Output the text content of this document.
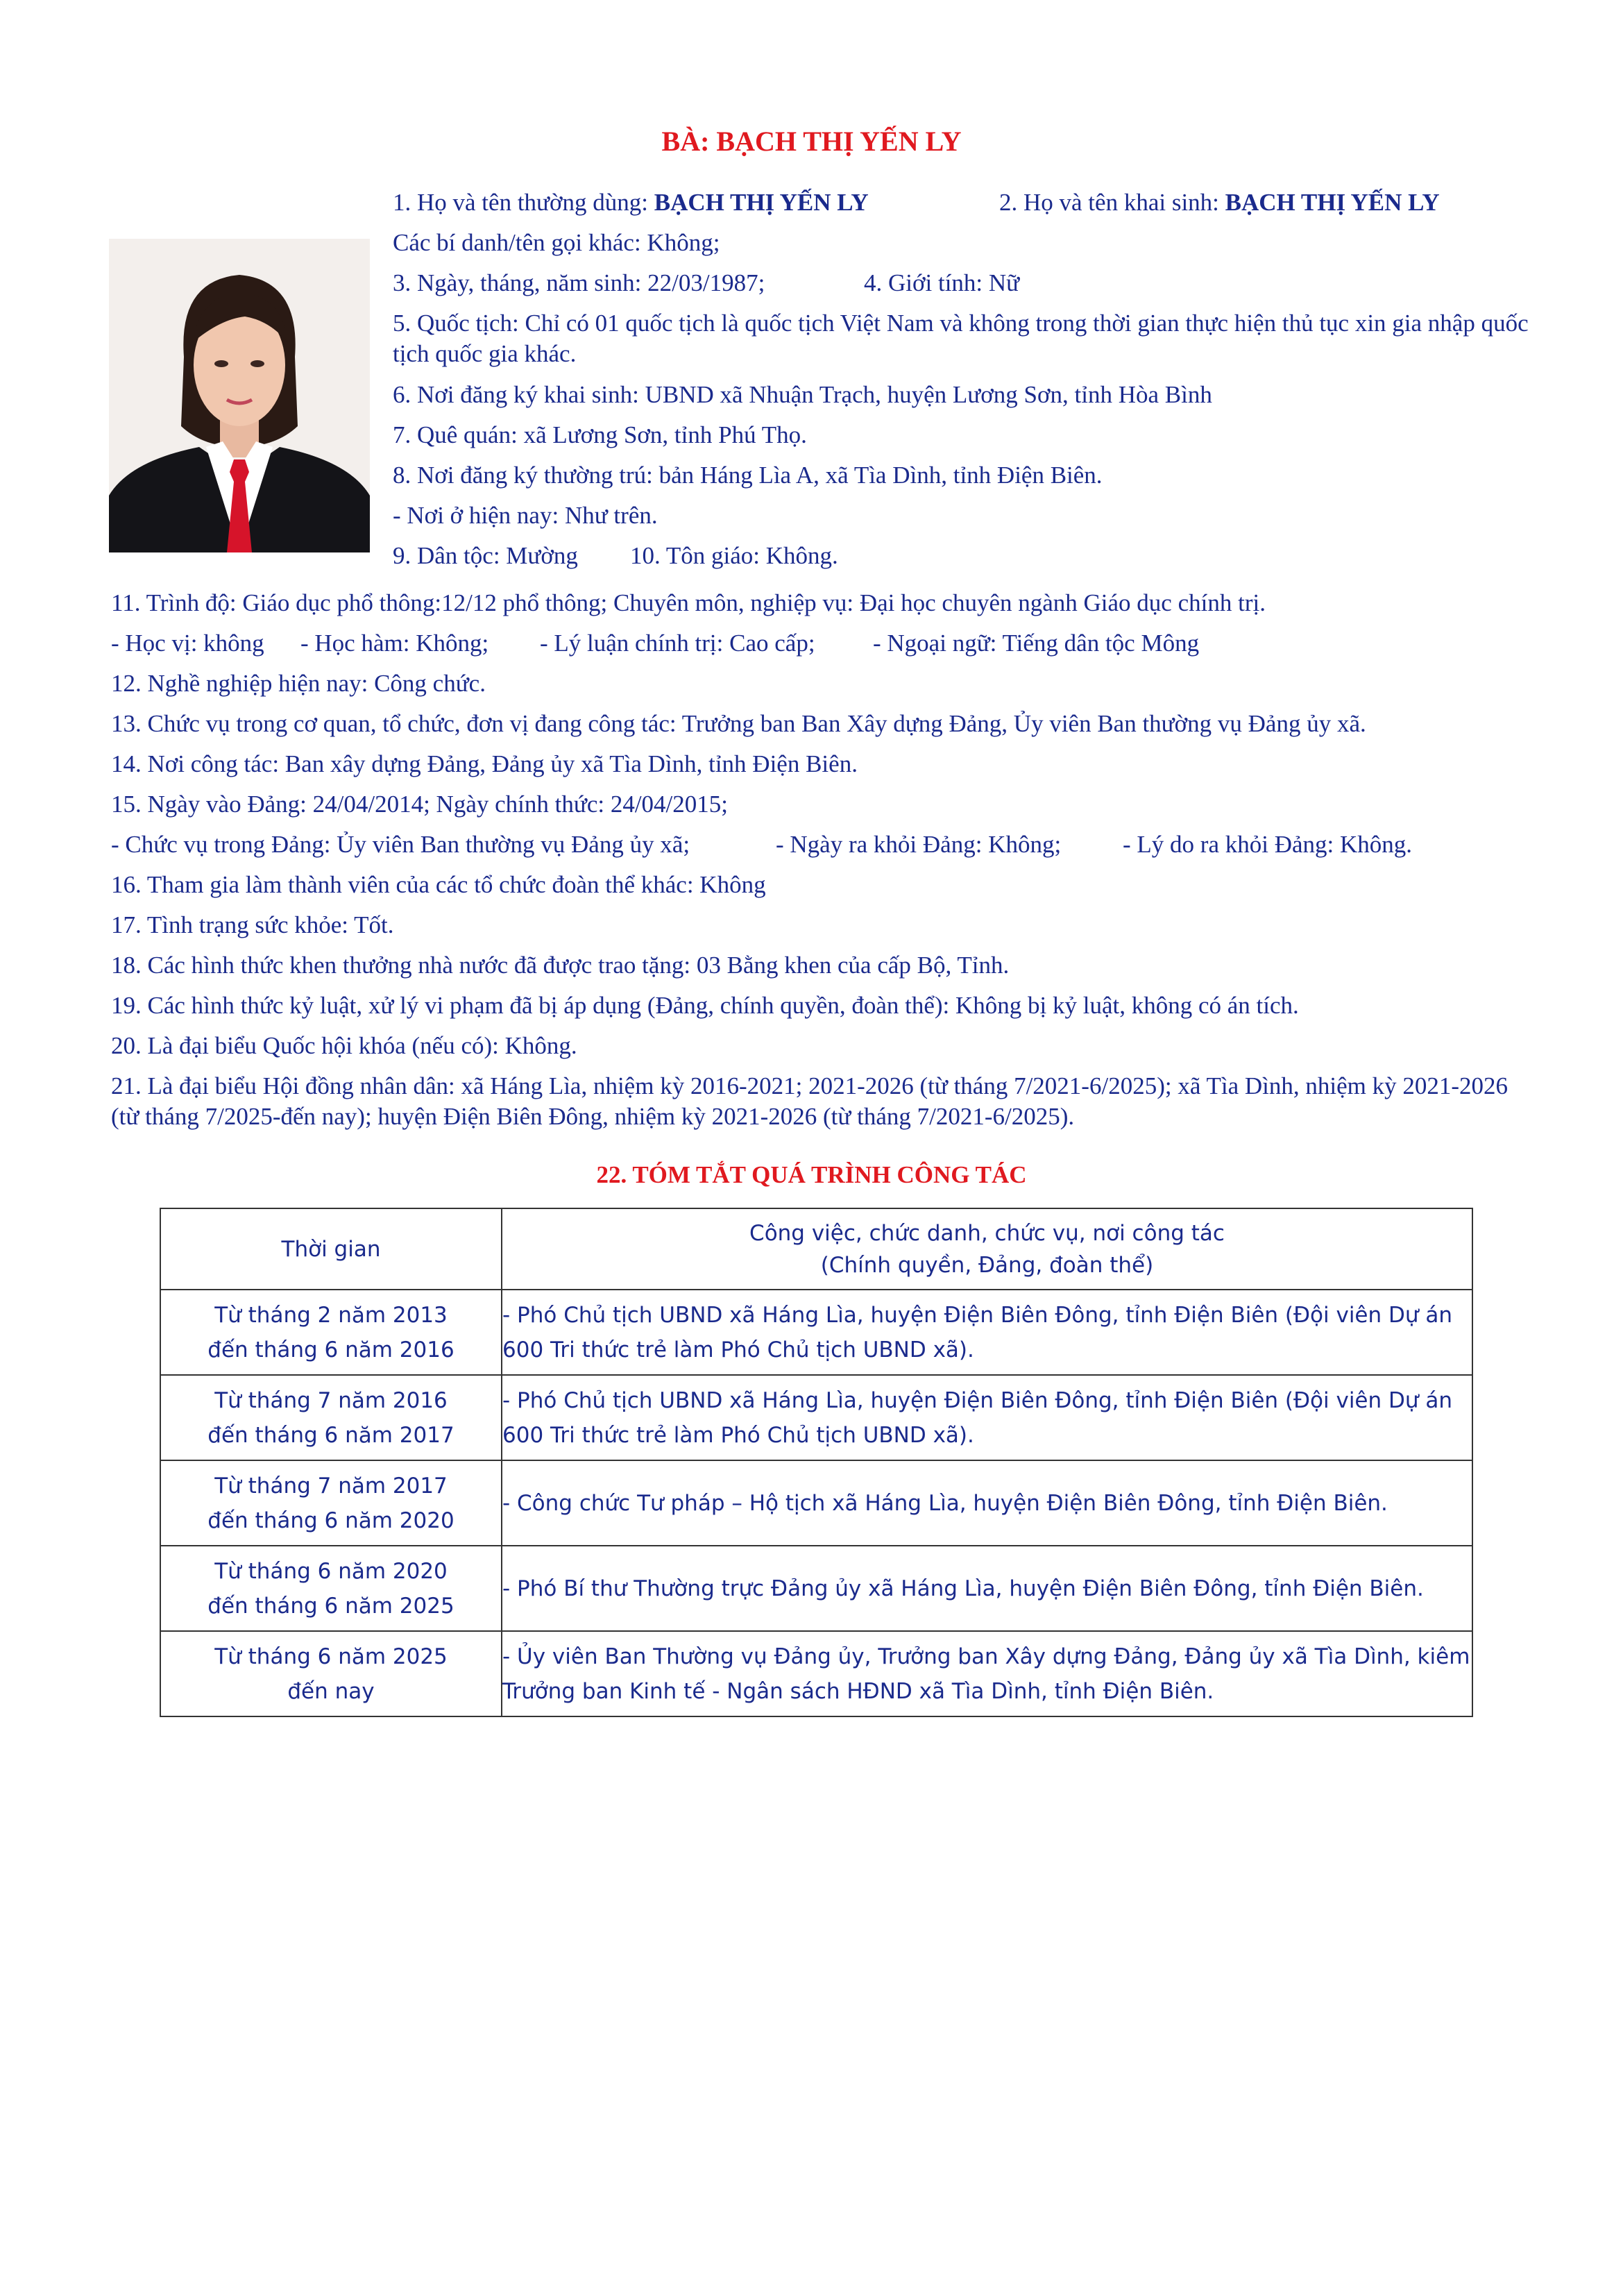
BÀ: BẠCH THỊ YẾN LY
1. Họ và tên thường dùng: BẠCH THỊ YẾN LY	2. Họ và tên khai sinh: BẠCH THỊ YẾN LY
Các bí danh/tên gọi khác: Không;
3. Ngày, tháng, năm sinh: 22/03/1987;	4. Giới tính: Nữ
5. Quốc tịch: Chỉ có 01 quốc tịch là quốc tịch Việt Nam và không trong thời gian thực hiện thủ tục xin gia nhập quốc tịch quốc gia khác.
6. Nơi đăng ký khai sinh: UBND xã Nhuận Trạch, huyện Lương Sơn, tỉnh Hòa Bình
7. Quê quán: xã Lương Sơn, tỉnh Phú Thọ.
8. Nơi đăng ký thường trú: bản Háng Lìa A, xã Tìa Dình, tỉnh Điện Biên.
- Nơi ở hiện nay: Như trên.
9. Dân tộc: Mường 10. Tôn giáo: Không.
11. Trình độ: Giáo dục phổ thông:12/12 phổ thông; Chuyên môn, nghiệp vụ: Đại học chuyên ngành Giáo dục chính trị.
- Học vị: không - Học hàm: Không; - Lý luận chính trị: Cao cấp; - Ngoại ngữ: Tiếng dân tộc Mông
12. Nghề nghiệp hiện nay: Công chức.
13. Chức vụ trong cơ quan, tổ chức, đơn vị đang công tác: Trưởng ban Ban Xây dựng Đảng, Ủy viên Ban thường vụ Đảng ủy xã.
14. Nơi công tác: Ban xây dựng Đảng, Đảng ủy xã Tìa Dình, tỉnh Điện Biên.
15. Ngày vào Đảng: 24/04/2014; Ngày chính thức: 24/04/2015;
- Chức vụ trong Đảng: Ủy viên Ban thường vụ Đảng ủy xã;	- Ngày ra khỏi Đảng: Không;	- Lý do ra khỏi Đảng: Không.
16. Tham gia làm thành viên của các tổ chức đoàn thể khác: Không
17. Tình trạng sức khỏe: Tốt.
18. Các hình thức khen thưởng nhà nước đã được trao tặng: 03 Bằng khen của cấp Bộ, Tỉnh.
19. Các hình thức kỷ luật, xử lý vi phạm đã bị áp dụng (Đảng, chính quyền, đoàn thể): Không bị kỷ luật, không có án tích.
20. Là đại biểu Quốc hội khóa (nếu có): Không.
21. Là đại biểu Hội đồng nhân dân: xã Háng Lìa, nhiệm kỳ 2016-2021; 2021-2026 (từ tháng 7/2021-6/2025); xã Tìa Dình, nhiệm kỳ 2021-2026 (từ tháng 7/2025-đến nay); huyện Điện Biên Đông, nhiệm kỳ 2021-2026 (từ tháng 7/2021-6/2025).
22. TÓM TẮT QUÁ TRÌNH CÔNG TÁC
Thời gian	Công việc, chức danh, chức vụ, nơi công tác
(Chính quyền, Đảng, đoàn thể)

Từ tháng 2 năm 2013
đến tháng 6 năm 2016	- Phó Chủ tịch UBND xã Háng Lìa, huyện Điện Biên Đông, tỉnh Điện Biên (Đội viên Dự án 600 Tri thức trẻ làm Phó Chủ tịch UBND xã).

Từ tháng 7 năm 2016
đến tháng 6 năm 2017	- Phó Chủ tịch UBND xã Háng Lìa, huyện Điện Biên Đông, tỉnh Điện Biên (Đội viên Dự án 600 Tri thức trẻ làm Phó Chủ tịch UBND xã).

Từ tháng 7 năm 2017
đến tháng 6 năm 2020	- Công chức Tư pháp – Hộ tịch xã Háng Lìa, huyện Điện Biên Đông, tỉnh Điện Biên.

Từ tháng 6 năm 2020
đến tháng 6 năm 2025	- Phó Bí thư Thường trực Đảng ủy xã Háng Lìa, huyện Điện Biên Đông, tỉnh Điện Biên.

Từ tháng 6 năm 2025
đến nay	- Ủy viên Ban Thường vụ Đảng ủy, Trưởng ban Xây dựng Đảng, Đảng ủy xã Tìa Dình, kiêm Trưởng ban Kinh tế - Ngân sách HĐND xã Tìa Dình, tỉnh Điện Biên.
